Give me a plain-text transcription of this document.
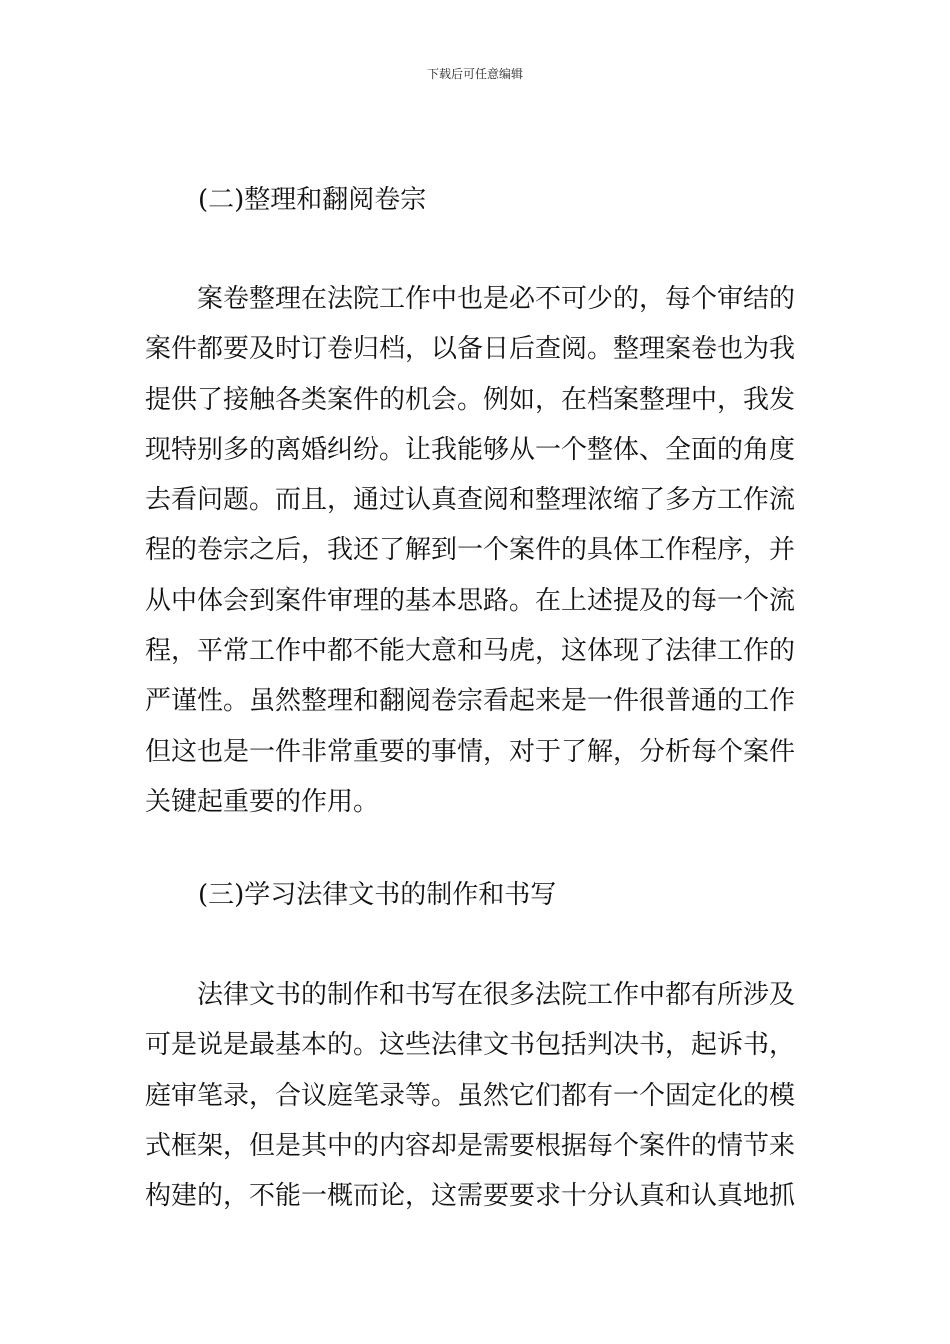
下载后可任意编辑
(二)整理和翻阅卷宗
案卷整理在法院工作中也是必不可少的，每个审结的
案件都要及时订卷归档，以备日后查阅。整理案卷也为我
提供了接触各类案件的机会。例如，在档案整理中，我发
现特别多的离婚纠纷。让我能够从一个整体、全面的角度
去看问题。而且，通过认真查阅和整理浓缩了多方工作流
程的卷宗之后，我还了解到一个案件的具体工作程序，并
从中体会到案件审理的基本思路。在上述提及的每一个流
程，平常工作中都不能大意和马虎，这体现了法律工作的
严谨性。虽然整理和翻阅卷宗看起来是一件很普通的工作
但这也是一件非常重要的事情，对于了解，分析每个案件
关键起重要的作用。
(三)学习法律文书的制作和书写
法律文书的制作和书写在很多法院工作中都有所涉及
可是说是最基本的。这些法律文书包括判决书，起诉书，
庭审笔录，合议庭笔录等。虽然它们都有一个固定化的模
式框架，但是其中的内容却是需要根据每个案件的情节来
构建的，不能一概而论，这需要要求十分认真和认真地抓
